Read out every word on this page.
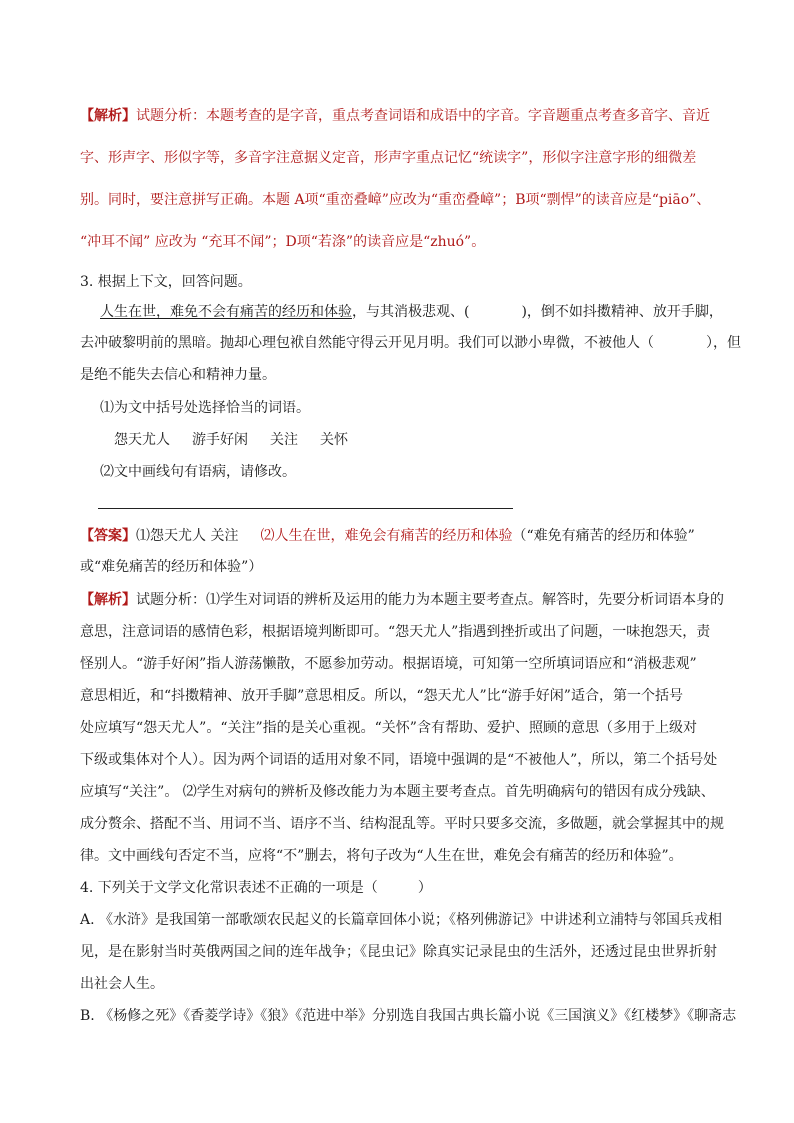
【解析】试题分析：本题考查的是字音，重点考查词语和成语中的字音。字音题重点考查多音字、音近
字、形声字、形似字等，多音字注意据义定音，形声字重点记忆“统读字”，形似字注意字形的细微差
别。同时，要注意拼写正确。本题 A项“重峦叠嶂”应改为“重峦叠嶂”；B项“剽悍”的读音应是“piāo”、
“冲耳不闻” 应改为 “充耳不闻”；D项“若涤”的读音应是“zhuó”。
3. 根据上下文，回答问题。
人生在世，难免不会有痛苦的经历和体验，与其消极悲观、(	)，倒不如抖擞精神、放开手脚，
去冲破黎明前的黑暗。抛却心理包袱自然能守得云开见月明。我们可以渺小卑微，不被他人（	），但
是绝不能失去信心和精神力量。
⑴为文中括号处选择恰当的词语。
怨天尤人 游手好闲 关注 关怀
⑵文中画线句有语病，请修改。
【答案】⑴怨天尤人 关注 ⑵人生在世，难免会有痛苦的经历和体验（“难免有痛苦的经历和体验”
或“难免痛苦的经历和体验”）
【解析】试题分析：⑴学生对词语的辨析及运用的能力为本题主要考查点。解答时，先要分析词语本身的
意思，注意词语的感情色彩，根据语境判断即可。“怨天尤人”指遇到挫折或出了问题，一味抱怨天，责
怪别人。“游手好闲”指人游荡懒散，不愿参加劳动。根据语境，可知第一空所填词语应和“消极悲观”
意思相近，和“抖擞精神、放开手脚”意思相反。所以，“怨天尤人”比“游手好闲”适合，第一个括号
处应填写“怨天尤人”。“关注”指的是关心重视。“关怀”含有帮助、爱护、照顾的意思（多用于上级对
下级或集体对个人）。因为两个词语的适用对象不同，语境中强调的是“不被他人”，所以，第二个括号处
应填写“关注”。 ⑵学生对病句的辨析及修改能力为本题主要考查点。首先明确病句的错因有成分残缺、
成分赘余、搭配不当、用词不当、语序不当、结构混乱等。平时只要多交流，多做题，就会掌握其中的规
律。文中画线句否定不当，应将“不”删去，将句子改为“人生在世，难免会有痛苦的经历和体验”。
4. 下列关于文学文化常识表述不正确的一项是（	）
A. 《水浒》是我国第一部歌颂农民起义的长篇章回体小说；《格列佛游记》中讲述利立浦特与邻国兵戎相
见，是在影射当时英俄两国之间的连年战争；《昆虫记》除真实记录昆虫的生活外，还透过昆虫世界折射
出社会人生。
B. 《杨修之死》《香菱学诗》《狼》《范进中举》分别选自我国古典长篇小说《三国演义》《红楼梦》《聊斋志
